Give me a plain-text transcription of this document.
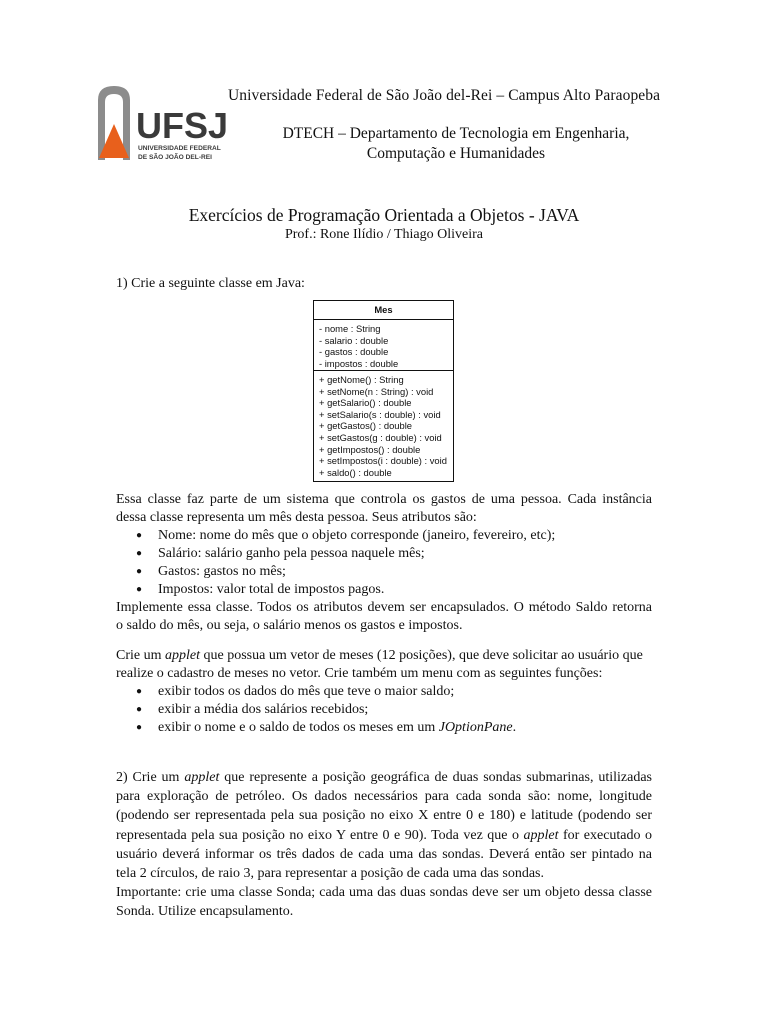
UFSJ
UNIVERSIDADE FEDERAL
DE SÃO JOÃO DEL-REI
Universidade Federal de São João del-Rei – Campus Alto Paraopeba
DTECH – Departamento de Tecnologia em Engenharia,
Computação e Humanidades
Exercícios de Programação Orientada a Objetos - JAVA
Prof.: Rone Ilídio / Thiago Oliveira
1) Crie a seguinte classe em Java:
Mes
- nome : String
- salario : double
- gastos : double
- impostos : double
+ getNome() : String
+ setNome(n : String) : void
+ getSalario() : double
+ setSalario(s : double) : void
+ getGastos() : double
+ setGastos(g : double) : void
+ getImpostos() : double
+ setImpostos(i : double) : void
+ saldo() : double
Essa classe faz parte de um sistema que controla os gastos de uma pessoa. Cada instância
dessa classe representa um mês desta pessoa. Seus atributos são:
● Nome: nome do mês que o objeto corresponde (janeiro, fevereiro, etc);
● Salário: salário ganho pela pessoa naquele mês;
● Gastos: gastos no mês;
● Impostos: valor total de impostos pagos.
Implemente essa classe. Todos os atributos devem ser encapsulados. O método Saldo retorna
o saldo do mês, ou seja, o salário menos os gastos e impostos.
Crie um applet que possua um vetor de meses (12 posições), que deve solicitar ao usuário que
realize o cadastro de meses no vetor. Crie também um menu com as seguintes funções:
● exibir todos os dados do mês que teve o maior saldo;
● exibir a média dos salários recebidos;
● exibir o nome e o saldo de todos os meses em um JOptionPane.
2) Crie um applet que represente a posição geográfica de duas sondas submarinas, utilizadas
para exploração de petróleo. Os dados necessários para cada sonda são: nome, longitude
(podendo ser representada pela sua posição no eixo X entre 0 e 180) e latitude (podendo ser
representada pela sua posição no eixo Y entre 0 e 90). Toda vez que o applet for executado o
usuário deverá informar os três dados de cada uma das sondas. Deverá então ser pintado na
tela 2 círculos, de raio 3, para representar a posição de cada uma das sondas.
Importante: crie uma classe Sonda; cada uma das duas sondas deve ser um objeto dessa classe
Sonda. Utilize encapsulamento.
